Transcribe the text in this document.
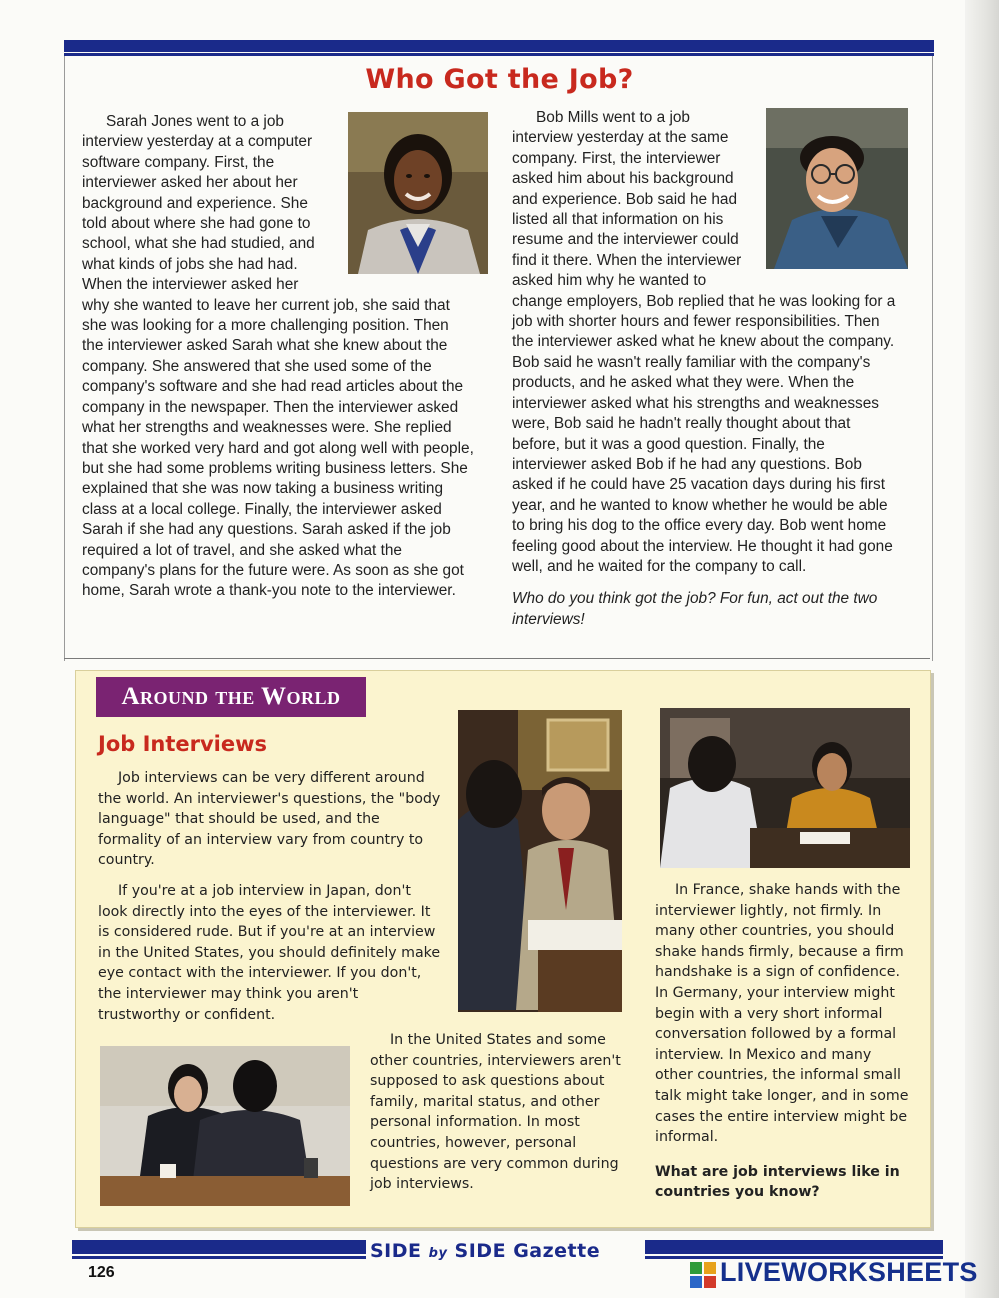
Who Got the Job?

Sarah Jones went to a job interview yesterday at a computer software company. First, the interviewer asked her about her background and experience. She told about where she had gone to school, what she had studied, and what kinds of jobs she had had. When the interviewer asked her why she wanted to leave her current job, she said that she was looking for a more challenging position. Then the interviewer asked Sarah what she knew about the company. She answered that she used some of the company's software and she had read articles about the company in the newspaper. Then the interviewer asked what her strengths and weaknesses were. She replied that she worked very hard and got along well with people, but she had some problems writing business letters. She explained that she was now taking a business writing class at a local college. Finally, the interviewer asked Sarah if she had any questions. Sarah asked if the job required a lot of travel, and she asked what the company's plans for the future were. As soon as she got home, Sarah wrote a thank-you note to the interviewer.

Bob Mills went to a job interview yesterday at the same company. First, the interviewer asked him about his background and experience. Bob said he had listed all that information on his resume and the interviewer could find it there. When the interviewer asked him why he wanted to change employers, Bob replied that he was looking for a job with shorter hours and fewer responsibilities. Then the interviewer asked what he knew about the company. Bob said he wasn't really familiar with the company's products, and he asked what they were. When the interviewer asked what his strengths and weaknesses were, Bob said he hadn't really thought about that before, but it was a good question. Finally, the interviewer asked Bob if he had any questions. Bob asked if he could have 25 vacation days during his first year, and he wanted to know whether he would be able to bring his dog to the office every day. Bob went home feeling good about the interview. He thought it had gone well, and he waited for the company to call.

Who do you think got the job? For fun, act out the two interviews!

Around the World
Job Interviews

Job interviews can be very different around the world. An interviewer's questions, the "body language" that should be used, and the formality of an interview vary from country to country.

If you're at a job interview in Japan, don't look directly into the eyes of the interviewer. It is considered rude. But if you're at an interview in the United States, you should definitely make eye contact with the interviewer. If you don't, the interviewer may think you aren't trustworthy or confident.

In France, shake hands with the interviewer lightly, not firmly. In many other countries, you should shake hands firmly, because a firm handshake is a sign of confidence. In Germany, your interview might begin with a very short informal conversation followed by a formal interview. In Mexico and many other countries, the informal small talk might take longer, and in some cases the entire interview might be informal.

What are job interviews like in countries you know?

In the United States and some other countries, interviewers aren't supposed to ask questions about family, marital status, and other personal information. In most countries, however, personal questions are very common during job interviews.

SIDE by SIDE Gazette
126	LIVEWORKSHEETS
